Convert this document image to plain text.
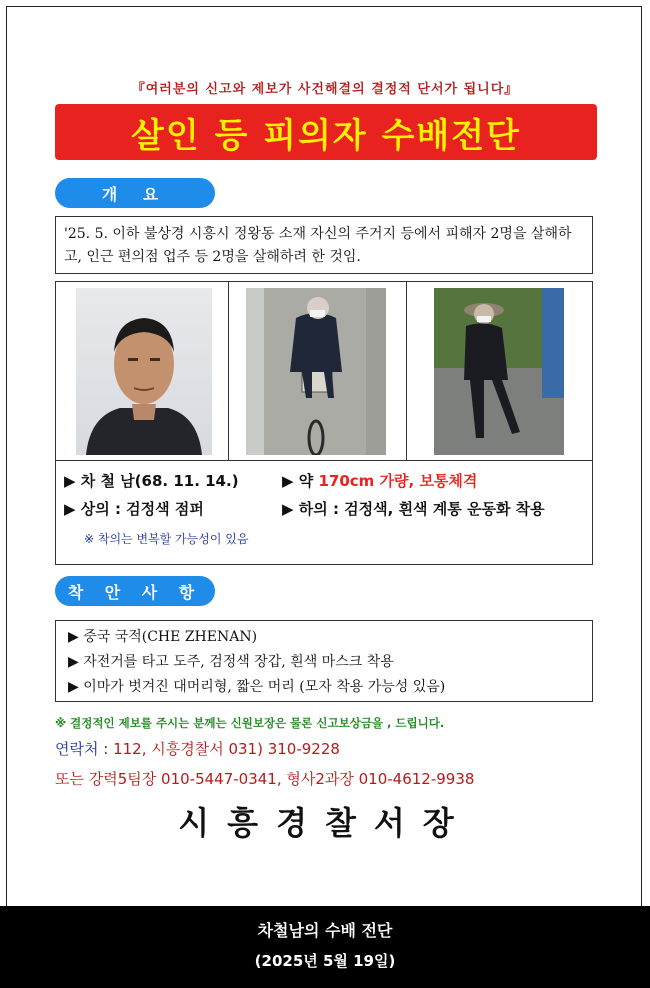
『여러분의 신고와 제보가 사건해결의 결정적 단서가 됩니다』
살인 등 피의자 수배전단
개 요
'25. 5. 이하 불상경 시흥시 정왕동 소재 자신의 주거지 등에서 피해자 2명을 살해하고, 인근 편의점 업주 등 2명을 살해하려 한 것임.
▶ 차 철 남(68. 11. 14.)	▶ 약 170cm 가량, 보통체격
▶ 상의 : 검정색 점퍼	▶ 하의 : 검정색, 흰색 계통 운동화 착용
※ 착의는 변복할 가능성이 있음
착 안 사 항
▶ 중국 국적(CHE ZHENAN)
▶ 자전거를 타고 도주, 검정색 장갑, 흰색 마스크 착용
▶ 이마가 벗겨진 대머리형, 짧은 머리 (모자 착용 가능성 있음)
※ 결정적인 제보를 주시는 분께는 신원보장은 물론 신고보상금을 , 드립니다.
연락처 : 112, 시흥경찰서 031) 310-9228
또는 강력5팀장 010-5447-0341, 형사2과장 010-4612-9938
시흥경찰서장
차철남의 수배 전단
(2025년 5월 19일)
